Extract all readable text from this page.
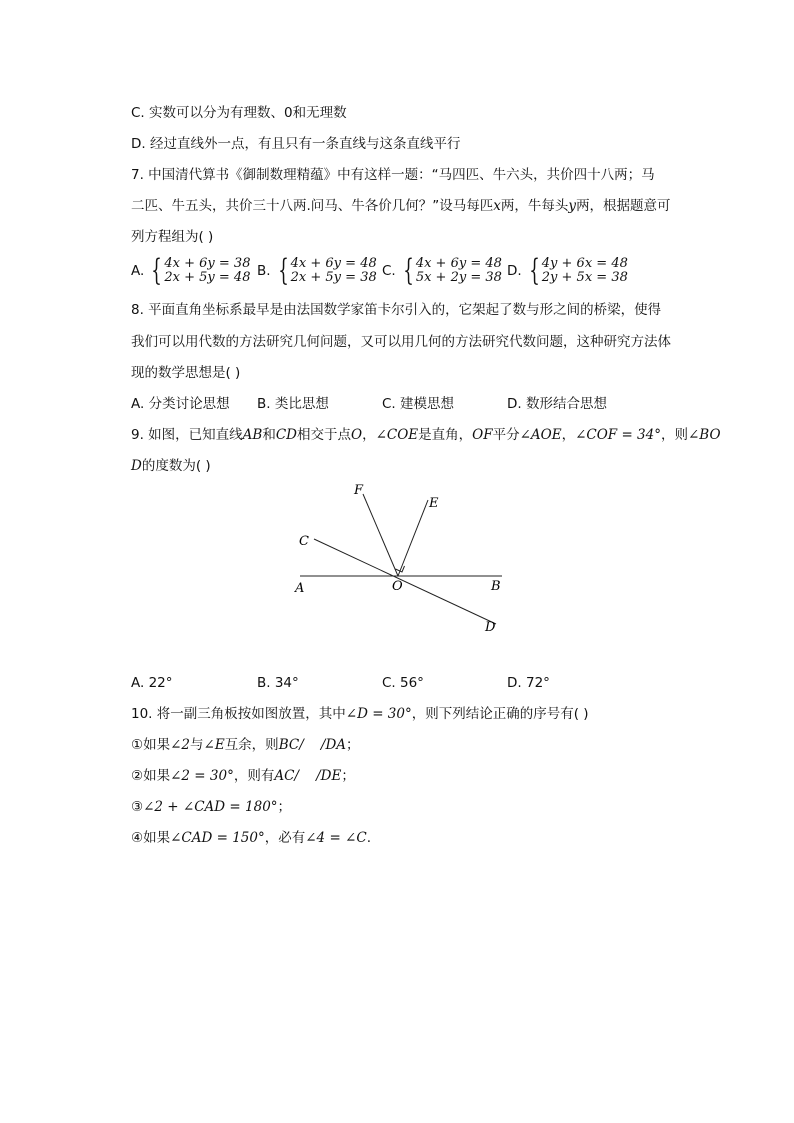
C. 实数可以分为有理数、0和无理数
D. 经过直线外一点，有且只有一条直线与这条直线平行
7. 中国清代算书《御制数理精蕴》中有这样一题：“马四匹、牛六头，共价四十八两；马
二匹、牛五头，共价三十八两.问马、牛各价几何？”设马每匹x两，牛每头y两，根据题意可
列方程组为( )
A. { 4x + 6y = 38
2x + 5y = 48 B. { 4x + 6y = 48
2x + 5y = 38 C. { 4x + 6y = 48
5x + 2y = 38 D. { 4y + 6x = 48
2y + 5x = 38
8. 平面直角坐标系最早是由法国数学家笛卡尔引入的，它架起了数与形之间的桥梁，使得
我们可以用代数的方法研究几何问题，又可以用几何的方法研究代数问题，这种研究方法体
现的数学思想是( )
A. 分类讨论思想 B. 类比思想	C. 建模思想	D. 数形结合思想
9. 如图，已知直线AB和CD相交于点O，∠COE是直角，OF平分∠AOE，∠COF = 34°，则∠BO
D的度数为( )
F
E
C
A	O	B
D
A. 22°	B. 34°	C. 56°	D. 72°
10. 将一副三角板按如图放置，其中∠D = 30°，则下列结论正确的序号有( )
①如果∠2与∠E互余，则BC/    /DA；
②如果∠2 = 30°，则有AC/    /DE；
③∠2 + ∠CAD = 180°；
④如果∠CAD = 150°，必有∠4 = ∠C.
